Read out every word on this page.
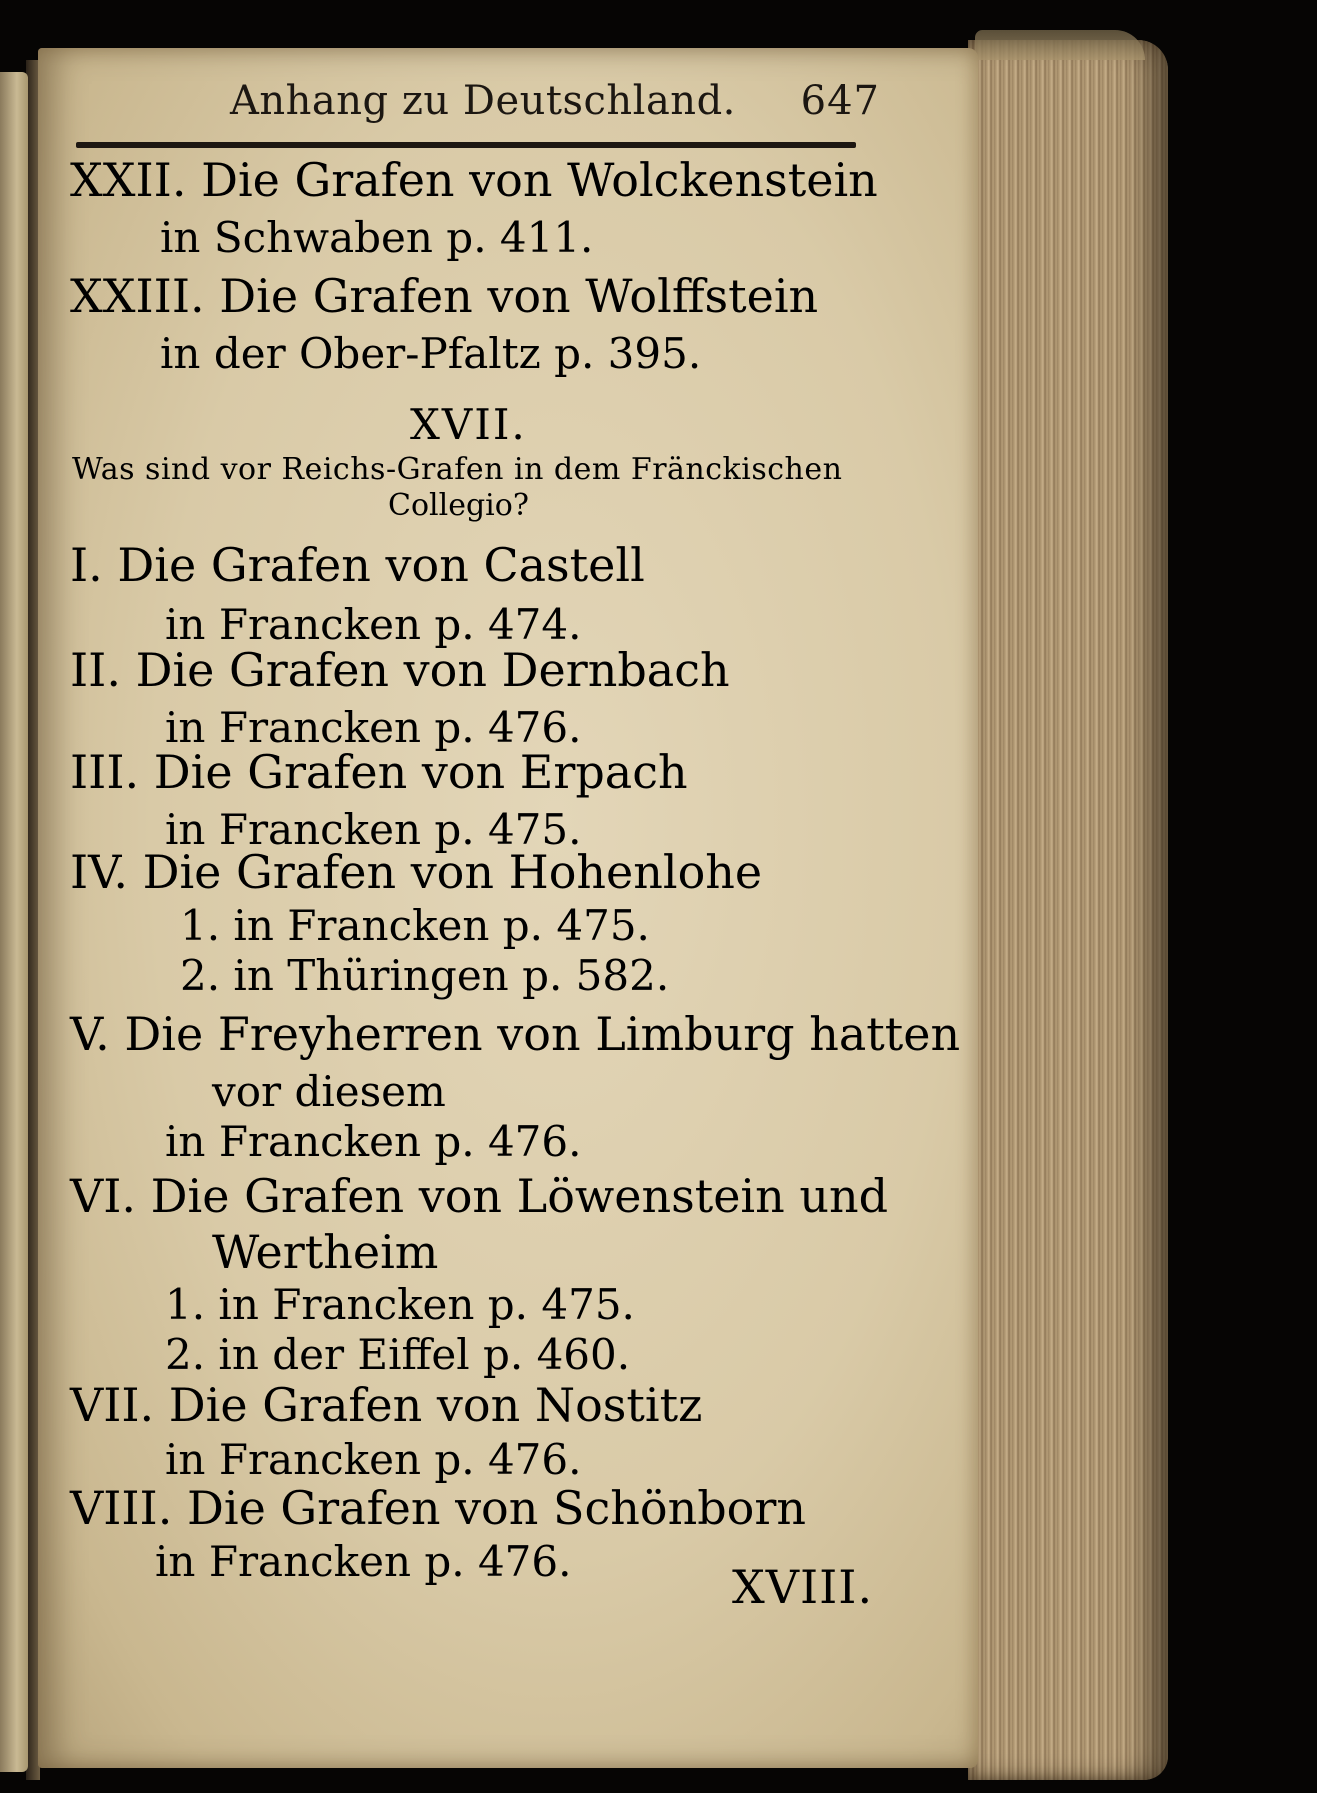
Anhang zu Deutschland. 647
XXII. Die Grafen von Wolckenstein
in Schwaben p. 411.
XXIII. Die Grafen von Wolffstein
in der Ober-Pfaltz p. 395.
XVII.
Was sind vor Reichs-Grafen in dem Fränckischen
Collegio?
I. Die Grafen von Castell
in Francken p. 474.
II. Die Grafen von Dernbach
in Francken p. 476.
III. Die Grafen von Erpach
in Francken p. 475.
IV. Die Grafen von Hohenlohe
1. in Francken p. 475.
2. in Thüringen p. 582.
V. Die Freyherren von Limburg hatten
vor diesem
in Francken p. 476.
VI. Die Grafen von Löwenstein und
Wertheim
1. in Francken p. 475.
2. in der Eiffel p. 460.
VII. Die Grafen von Nostitz
in Francken p. 476.
VIII. Die Grafen von Schönborn
in Francken p. 476.	XVIII.
